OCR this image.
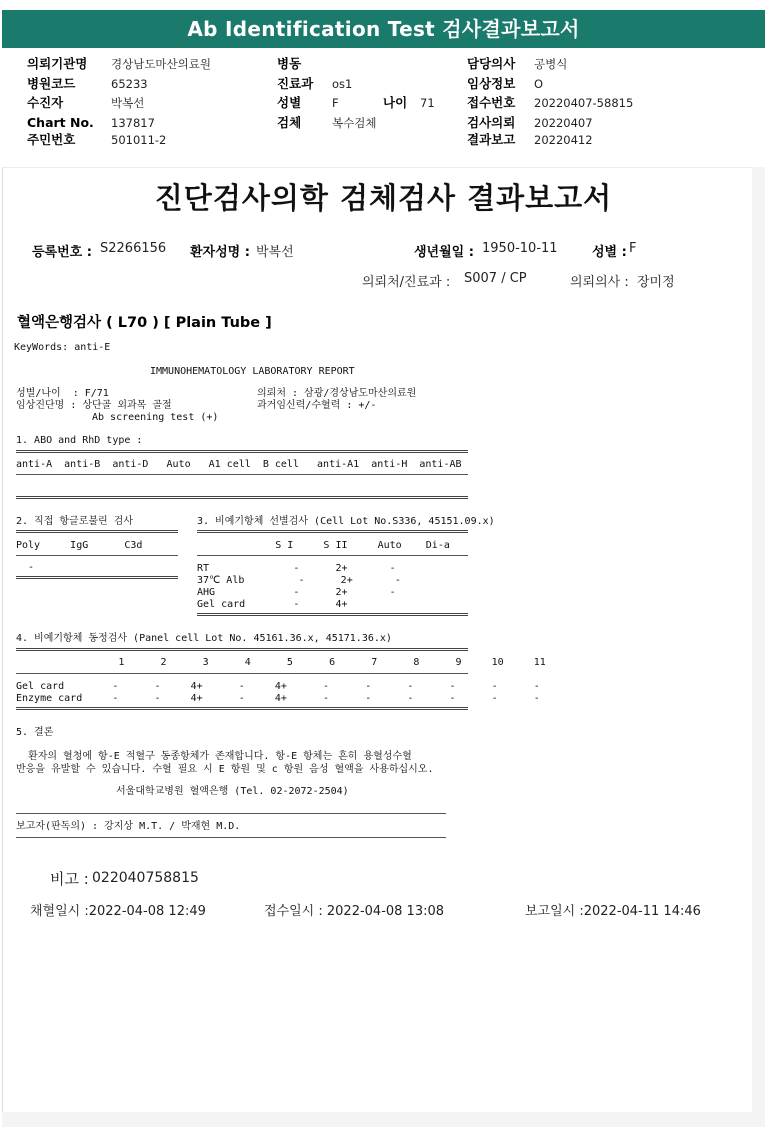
Ab Identification Test 검사결과보고서
의뢰기관명 경상남도마산의료원
병원코드	65233
수진자	박복선
Chart No. 137817
주민번호	501011-2
병동
진료과 os1
성별	F	나이 71
검체	복수검체
담당의사 공병식
임상정보 O
접수번호 20220407-58815
검사의뢰 20220407
결과보고 20220412
진단검사의학 검체검사 결과보고서
등록번호 : S2266156 환자성명 : 박복선	생년월일 : 1950-10-11	성별 : F
의뢰처/진료과 : S007 / CP	의뢰의사 : 장미정
혈액은행검사 ( L70 ) [ Plain Tube ]
KeyWords: anti-E
IMMUNOHEMATOLOGY LABORATORY REPORT
성별/나이  : F/71	의뢰처 : 삼광/경상남도마산의료원
임상진단명 : 상단골 외과목 골절	과거임신력/수혈력 : +/-
Ab screening test (+)
1. ABO and RhD type :
anti-A  anti-B  anti-D   Auto   A1 cell  B cell   anti-A1  anti-H  anti-AB
2. 직접 항글로불린 검사
Poly     IgG      C3d
-
3. 비예기항체 선별검사 (Cell Lot No.S336, 45151.09.x)
S I     S II     Auto    Di-a
RT              -      2+       -
37℃ Alb         -      2+       -
AHG             -      2+       -
Gel card        -      4+
4. 비예기항체 동정검사 (Panel cell Lot No. 45161.36.x, 45171.36.x)
1      2      3      4      5      6      7      8      9     10     11
Gel card        -      -     4+      -     4+      -      -      -      -      -      -
Enzyme card     -      -     4+      -     4+      -      -      -      -      -      -
5. 결론
환자의 혈청에 항-E 적혈구 동종항체가 존재합니다. 항-E 항체는 흔히 용혈성수혈
반응을 유발할 수 있습니다. 수혈 필요 시 E 항원 및 c 항원 음성 혈액을 사용하십시오.
서울대학교병원 혈액은행 (Tel. 02-2072-2504)
보고자(판독의) : 강지상 M.T. / 박재현 M.D.
비고 : 022040758815
채혈일시 :2022-04-08 12:49	접수일시 : 2022-04-08 13:08	보고일시 :2022-04-11 14:46
